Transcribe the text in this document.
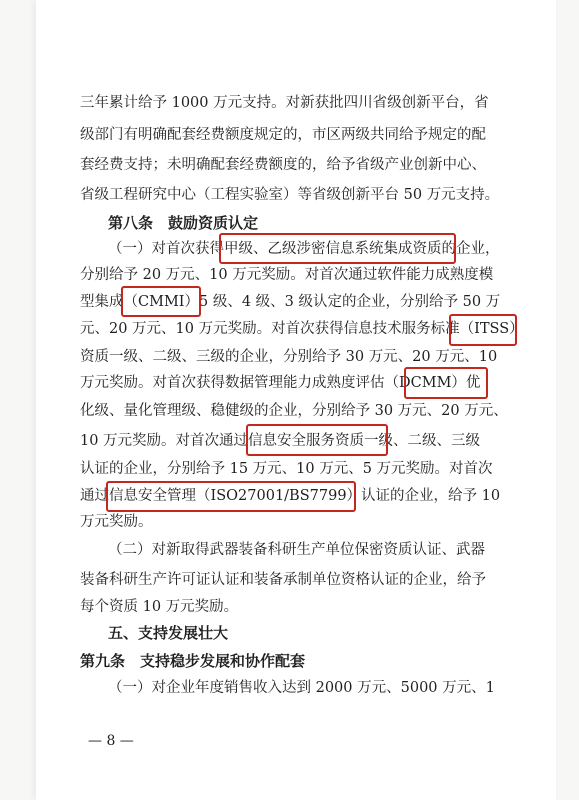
三年累计给予 1000 万元支持。对新获批四川省级创新平台，省
级部门有明确配套经费额度规定的，市区两级共同给予规定的配
套经费支持；未明确配套经费额度的，给予省级产业创新中心、
省级工程研究中心（工程实验室）等省级创新平台 50 万元支持。
第八条　鼓励资质认定
（一）对首次获得甲级、乙级涉密信息系统集成资质的企业，
分别给予 20 万元、10 万元奖励。对首次通过软件能力成熟度模
型集成（CMMI）5 级、4 级、3 级认定的企业，分别给予 50 万
元、20 万元、10 万元奖励。对首次获得信息技术服务标准（ITSS）
资质一级、二级、三级的企业，分别给予 30 万元、20 万元、10
万元奖励。对首次获得数据管理能力成熟度评估（DCMM）优
化级、量化管理级、稳健级的企业，分别给予 30 万元、20 万元、
10 万元奖励。对首次通过信息安全服务资质一级、二级、三级
认证的企业，分别给予 15 万元、10 万元、5 万元奖励。对首次
通过信息安全管理（ISO27001/BS7799）认证的企业，给予 10
万元奖励。
（二）对新取得武器装备科研生产单位保密资质认证、武器
装备科研生产许可证认证和装备承制单位资格认证的企业，给予
每个资质 10 万元奖励。
五、支持发展壮大
第九条　支持稳步发展和协作配套
（一）对企业年度销售收入达到 2000 万元、5000 万元、1
— 8 —
